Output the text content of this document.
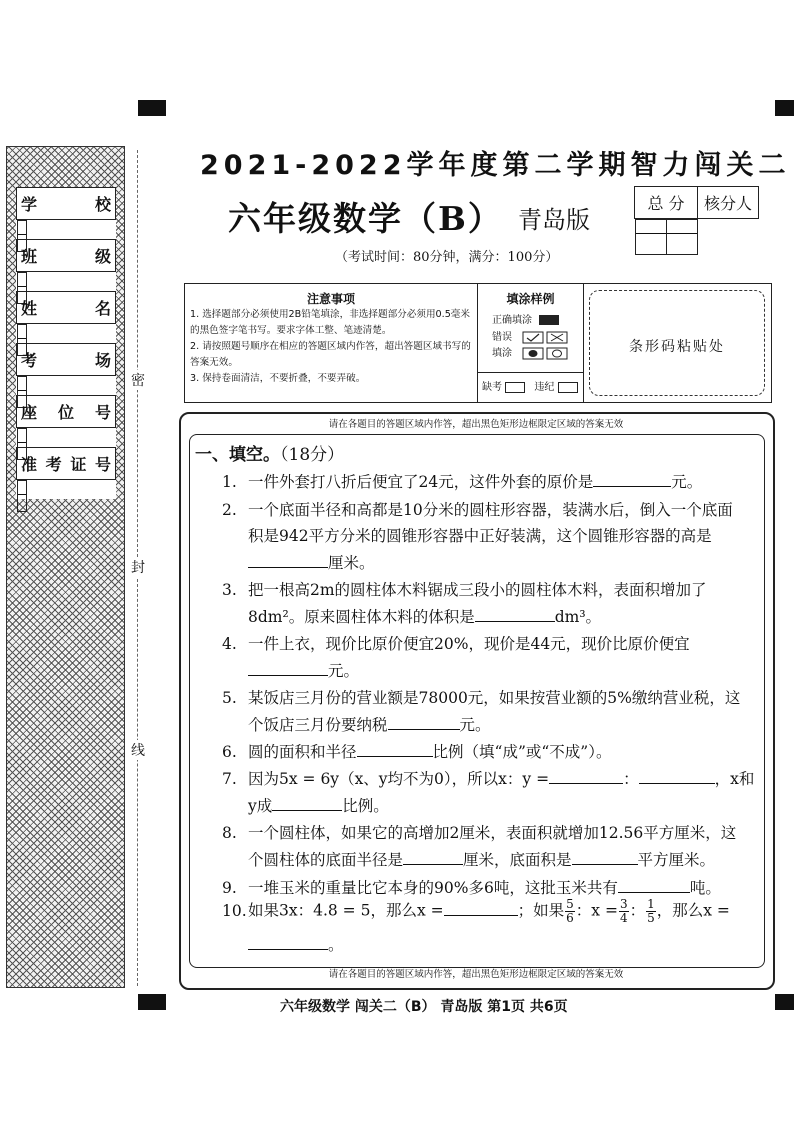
学 校
班 级
姓 名
考 场
座位号
准考证号

密
封
线
2021-2022学年度第二学期智力闯关二
六年级数学（B） 青岛版
（考试时间：80分钟，满分：100分）
总 分	核分人

注意事项
1. 选择题部分必须使用2B铅笔填涂，非选择题部分必须用0.5毫米的黑色签字笔书写。要求字体工整、笔迹清楚。
2. 请按照题号顺序在相应的答题区域内作答，超出答题区域书写的答案无效。
3. 保持卷面清洁，不要折叠，不要弄破。
填涂样例
正确填涂
错误
填涂
缺考	违纪
条形码粘贴处
请在各题目的答题区域内作答，超出黑色矩形边框限定区域的答案无效
请在各题目的答题区域内作答，超出黑色矩形边框限定区域的答案无效
一、填空。（18分）
1. 一件外套打八折后便宜了24元，这件外套的原价是	元。
2. 一个底面半径和高都是10分米的圆柱形容器，装满水后，倒入一个底面
积是942平方分米的圆锥形容器中正好装满，这个圆锥形容器的高是
厘米。
3. 把一根高2m的圆柱体木料锯成三段小的圆柱体木料，表面积增加了
8dm²。原来圆柱体木料的体积是	dm³。
4. 一件上衣，现价比原价便宜20%，现价是44元，现价比原价便宜
元。
5. 某饭店三月份的营业额是78000元，如果按营业额的5%缴纳营业税，这
个饭店三月份要纳税	元。
6. 圆的面积和半径	比例（填“成”或“不成”）。
7. 因为5x = 6y（x、y均不为0），所以x：y =	：	，x和
y成	比例。
8. 一个圆柱体，如果它的高增加2厘米，表面积就增加12.56平方厘米，这
个圆柱体的底面半径是	厘米，底面积是	平方厘米。
9. 一堆玉米的重量比它本身的90%多6吨，这批玉米共有	吨。
10.如果3x：4.8 = 5，那么x =	；如果 $\frac{5}{6}$ ：$x = \frac{3}{4}$ ： $\frac{1}{5}$ ，那么x =
。
六年级数学 闯关二（B） 青岛版 第1页 共6页
